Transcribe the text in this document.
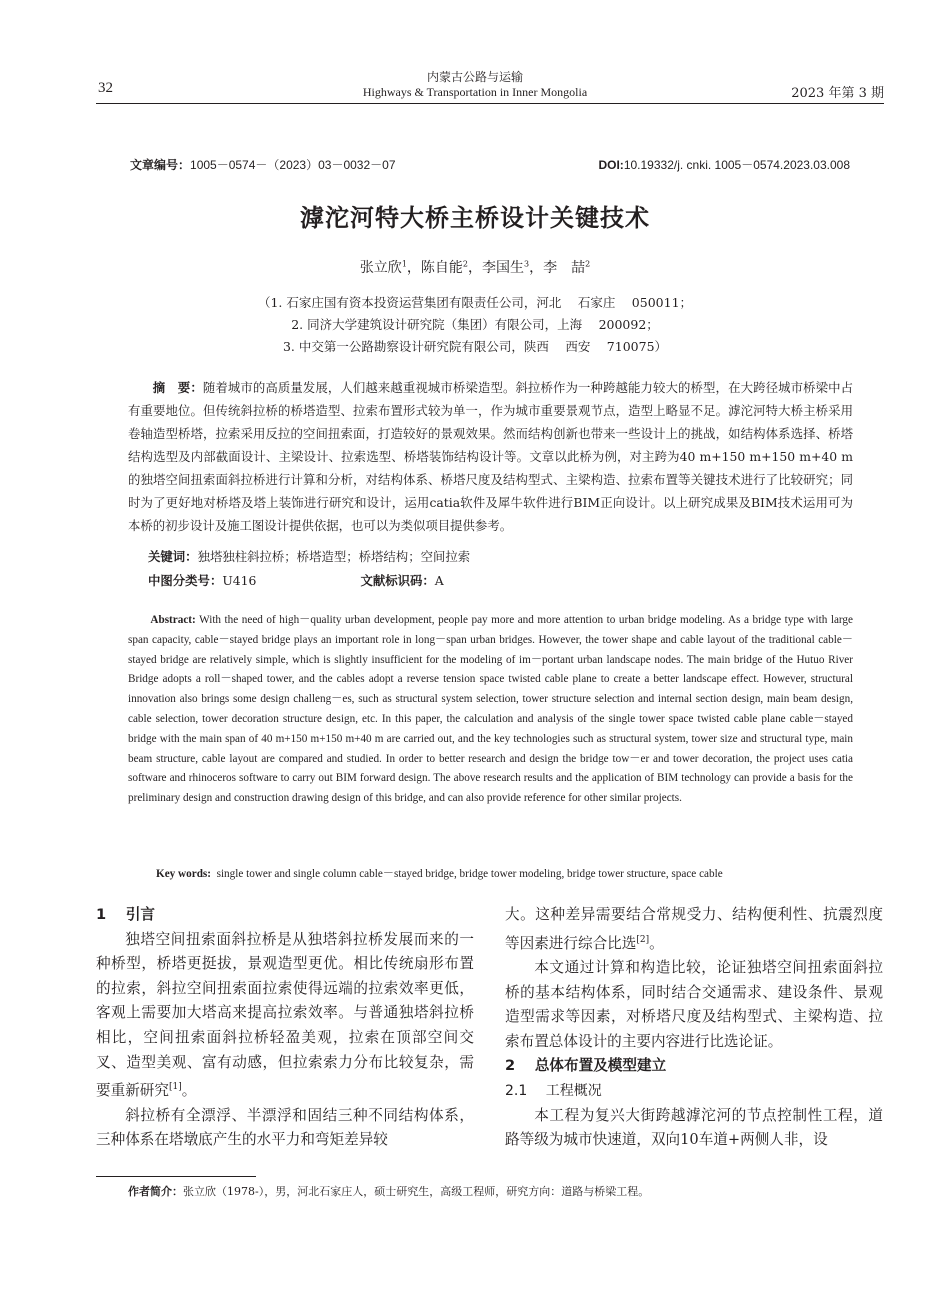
32
内蒙古公路与运输
Highways & Transportation in Inner Mongolia	2023 年第 3 期
文章编号：1005－0574－（2023）03－0032－07	DOI:10.19332/j. cnki. 1005－0574.2023.03.008
滹沱河特大桥主桥设计关键技术
张立欣$^1$，陈自能$^2$，李国生$^3$，李　喆$^2$
（1. 石家庄国有资本投资运营集团有限责任公司，河北　 石家庄　 050011；
2. 同济大学建筑设计研究院（集团）有限公司，上海　 200092；
3. 中交第一公路勘察设计研究院有限公司，陕西　 西安　 710075）
摘　要：随着城市的高质量发展，人们越来越重视城市桥梁造型。斜拉桥作为一种跨越能力较大的桥型，在大跨径城市桥梁中占有重要地位。但传统斜拉桥的桥塔造型、拉索布置形式较为单一，作为城市重要景观节点，造型上略显不足。滹沱河特大桥主桥采用卷轴造型桥塔，拉索采用反拉的空间扭索面，打造较好的景观效果。然而结构创新也带来一些设计上的挑战，如结构体系选择、桥塔结构选型及内部截面设计、主梁设计、拉索选型、桥塔装饰结构设计等。文章以此桥为例，对主跨为40 m+150 m+150 m+40 m的独塔空间扭索面斜拉桥进行计算和分析，对结构体系、桥塔尺度及结构型式、主梁构造、拉索布置等关键技术进行了比较研究；同时为了更好地对桥塔及塔上装饰进行研究和设计，运用catia软件及犀牛软件进行BIM正向设计。以上研究成果及BIM技术运用可为本桥的初步设计及施工图设计提供依据，也可以为类似项目提供参考。
关键词：独塔独柱斜拉桥；桥塔造型；桥塔结构；空间拉索
中图分类号：U416	文献标识码：A
Abstract: With the need of high－quality urban development, people pay more and more attention to urban bridge modeling. As a bridge type with large span capacity, cable－stayed bridge plays an important role in long－span urban bridges. However, the tower shape and cable layout of the traditional cable－stayed bridge are relatively simple, which is slightly insufficient for the modeling of im－portant urban landscape nodes. The main bridge of the Hutuo River Bridge adopts a roll－shaped tower, and the cables adopt a reverse tension space twisted cable plane to create a better landscape effect. However, structural innovation also brings some design challeng－es, such as structural system selection, tower structure selection and internal section design, main beam design, cable selection, tower decoration structure design, etc. In this paper, the calculation and analysis of the single tower space twisted cable plane cable－stayed bridge with the main span of 40 m+150 m+150 m+40 m are carried out, and the key technologies such as structural system, tower size and structural type, main beam structure, cable layout are compared and studied. In order to better research and design the bridge tow－er and tower decoration, the project uses catia software and rhinoceros software to carry out BIM forward design. The above research results and the application of BIM technology can provide a basis for the preliminary design and construction drawing design of this bridge, and can also provide reference for other similar projects.
Key words: single tower and single column cable－stayed bridge, bridge tower modeling, bridge tower structure, space cable

1　 引言

独塔空间扭索面斜拉桥是从独塔斜拉桥发展而来的一种桥型，桥塔更挺拔，景观造型更优。相比传统扇形布置的拉索，斜拉空间扭索面拉索使得远端的拉索效率更低，客观上需要加大塔高来提高拉索效率。与普通独塔斜拉桥相比，空间扭索面斜拉桥轻盈美观，拉索在顶部空间交叉、造型美观、富有动感，但拉索索力分布比较复杂，需要重新研究[1]。

斜拉桥有全漂浮、半漂浮和固结三种不同结构体系，三种体系在塔墩底产生的水平力和弯矩差异较

大。这种差异需要结合常规受力、结构便利性、抗震烈度等因素进行综合比选[2]。

本文通过计算和构造比较，论证独塔空间扭索面斜拉桥的基本结构体系，同时结合交通需求、建设条件、景观造型需求等因素，对桥塔尺度及结构型式、主梁构造、拉索布置总体设计的主要内容进行比选论证。

2　 总体布置及模型建立

2.1　 工程概况

本工程为复兴大街跨越滹沱河的节点控制性工程，道路等级为城市快速道，双向10车道+两侧人非，设

作者简介：张立欣（1978-），男，河北石家庄人，硕士研究生，高级工程师，研究方向：道路与桥梁工程。
